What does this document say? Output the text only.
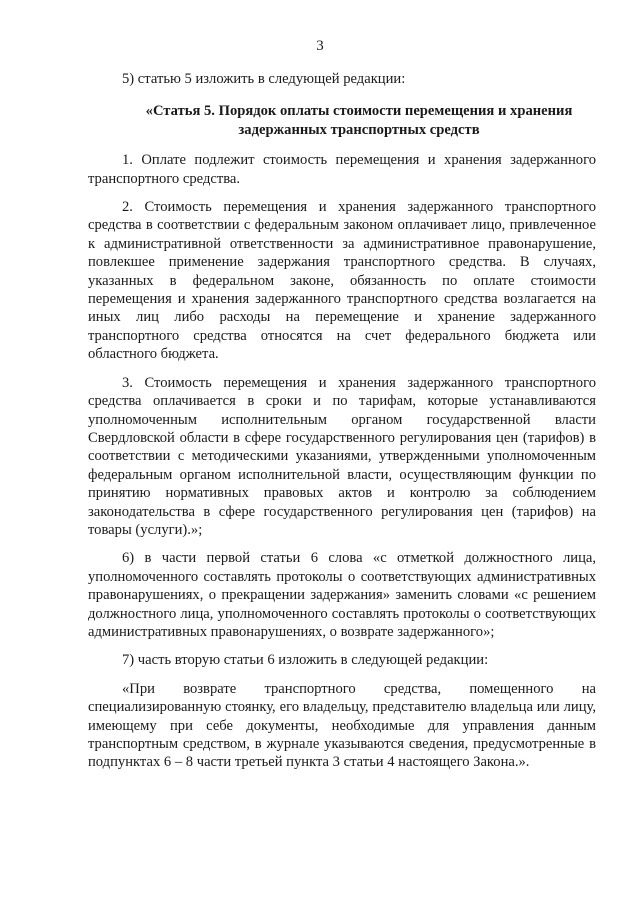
3

5) статью 5 изложить в следующей редакции:

«Статья 5. Порядок оплаты стоимости перемещения и хранения
задержанных транспортных средств

1. Оплате подлежит стоимость перемещения и хранения задержанного транспортного средства.

2. Стоимость перемещения и хранения задержанного транспортного средства в соответствии с федеральным законом оплачивает лицо, привлеченное к административной ответственности за административное правонарушение, повлекшее применение задержания транспортного средства. В случаях, указанных в федеральном законе, обязанность по оплате стоимости перемещения и хранения задержанного транспортного средства возлагается на иных лиц либо расходы на перемещение и хранение задержанного транспортного средства относятся на счет федерального бюджета или областного бюджета.

3. Стоимость перемещения и хранения задержанного транспортного средства оплачивается в сроки и по тарифам, которые устанавливаются уполномоченным исполнительным органом государственной власти Свердловской области в сфере государственного регулирования цен (тарифов) в соответствии с методическими указаниями, утвержденными уполномоченным федеральным органом исполнительной власти, осуществляющим функции по принятию нормативных правовых актов и контролю за соблюдением законодательства в сфере государственного регулирования цен (тарифов) на товары (услуги).»;

6) в части первой статьи 6 слова «с отметкой должностного лица, уполномоченного составлять протоколы о соответствующих административных правонарушениях, о прекращении задержания» заменить словами «с решением должностного лица, уполномоченного составлять протоколы о соответствующих административных правонарушениях, о возврате задержанного»;

7) часть вторую статьи 6 изложить в следующей редакции:

«При возврате транспортного средства, помещенного на специализированную стоянку, его владельцу, представителю владельца или лицу, имеющему при себе документы, необходимые для управления данным транспортным средством, в журнале указываются сведения, предусмотренные в подпунктах 6 – 8 части третьей пункта 3 статьи 4 настоящего Закона.».
